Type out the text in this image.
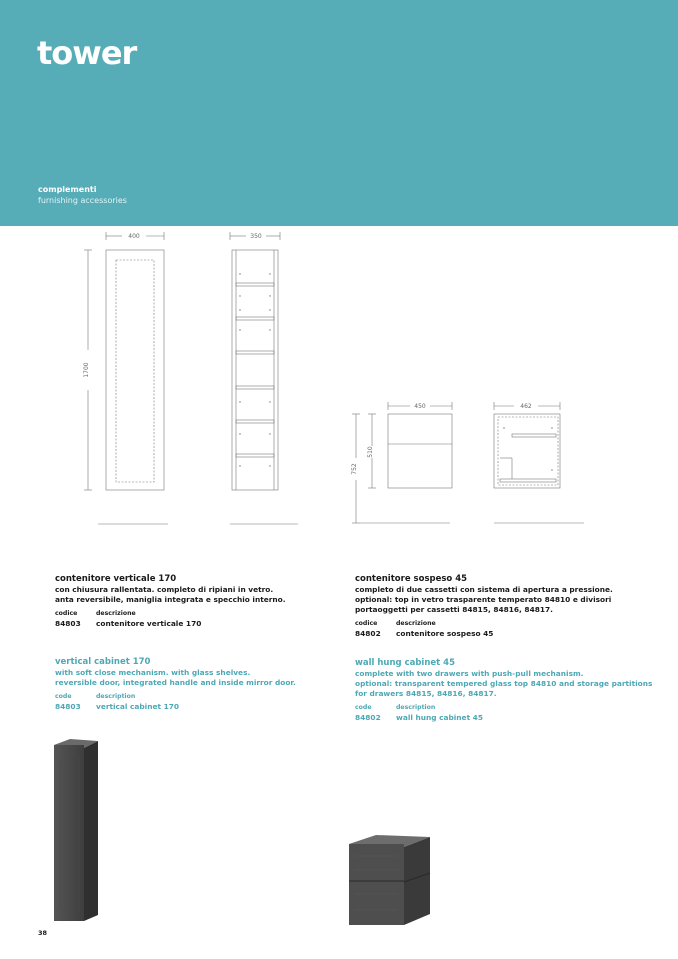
tower
complementi
furnishing accessories
400	350
1700
450	462
510
752
contenitore verticale 170
con chiusura rallentata. completo di ripiani in vetro.
anta reversibile, maniglia integrata e specchio interno.
codice	descrizione
84803 contenitore verticale 170
vertical cabinet 170
with soft close mechanism. with glass shelves.
reversible door, integrated handle and inside mirror door.
code	description
84803 vertical cabinet 170
contenitore sospeso 45
completo di due cassetti con sistema di apertura a pressione.
optional: top in vetro trasparente temperato 84810 e divisori
portaoggetti per cassetti 84815, 84816, 84817.
codice	descrizione
84802 contenitore sospeso 45
wall hung cabinet 45
complete with two drawers with push-pull mechanism.
optional: transparent tempered glass top 84810 and storage partitions
for drawers 84815, 84816, 84817.
code	description
84802 wall hung cabinet 45
38
